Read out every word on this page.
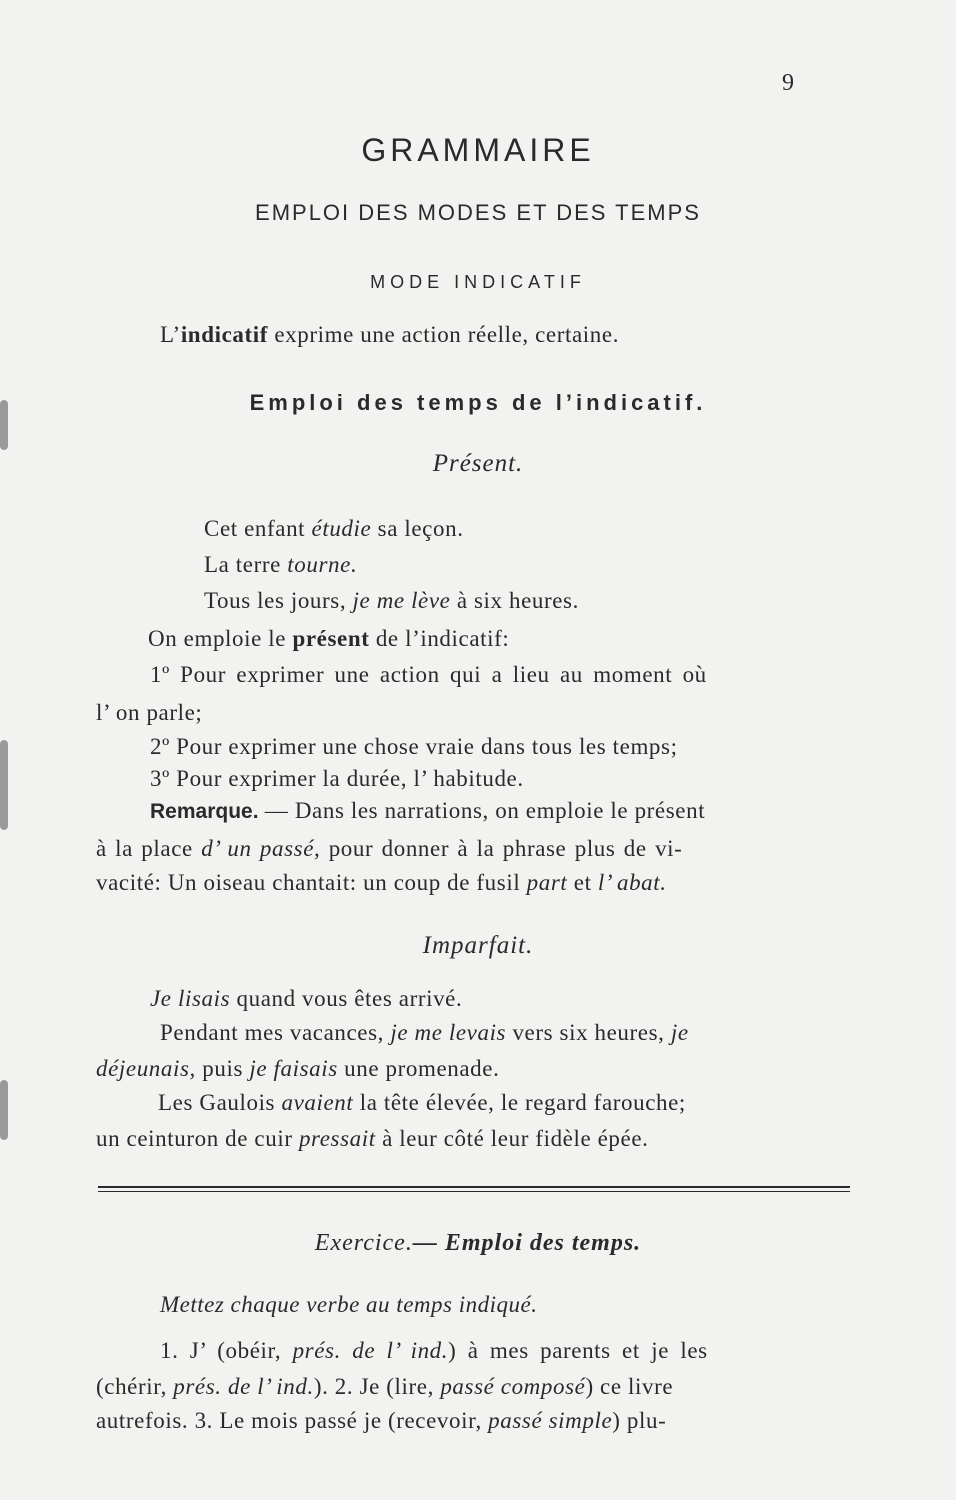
9
GRAMMAIRE
EMPLOI DES MODES ET DES TEMPS
MODE INDICATIF

L’indicatif exprime une action réelle, certaine.

Emploi des temps de l’indicatif.
Présent.

Cet enfant étudie sa leçon.

La terre tourne.

Tous les jours, je me lève à six heures.

On emploie le présent de l’indicatif:

1º Pour exprimer une action qui a lieu au moment où

l’ on parle;

2º Pour exprimer une chose vraie dans tous les temps;

3º Pour exprimer la durée, l’ habitude.

Remarque. — Dans les narrations, on emploie le présent

à la place d’ un passé, pour donner à la phrase plus de vi-

vacité: Un oiseau chantait: un coup de fusil part et l’ abat.

Imparfait.

Je lisais quand vous êtes arrivé.

Pendant mes vacances, je me levais vers six heures, je

déjeunais, puis je faisais une promenade.

Les Gaulois avaient la tête élevée, le regard farouche;

un ceinturon de cuir pressait à leur côté leur fidèle épée.

Exercice.— Emploi des temps.

Mettez chaque verbe au temps indiqué.

1. J’ (obéir, prés. de l’ ind.) à mes parents et je les

(chérir, prés. de l’ ind.). 2. Je (lire, passé composé) ce livre

autrefois. 3. Le mois passé je (recevoir, passé simple) plu-
